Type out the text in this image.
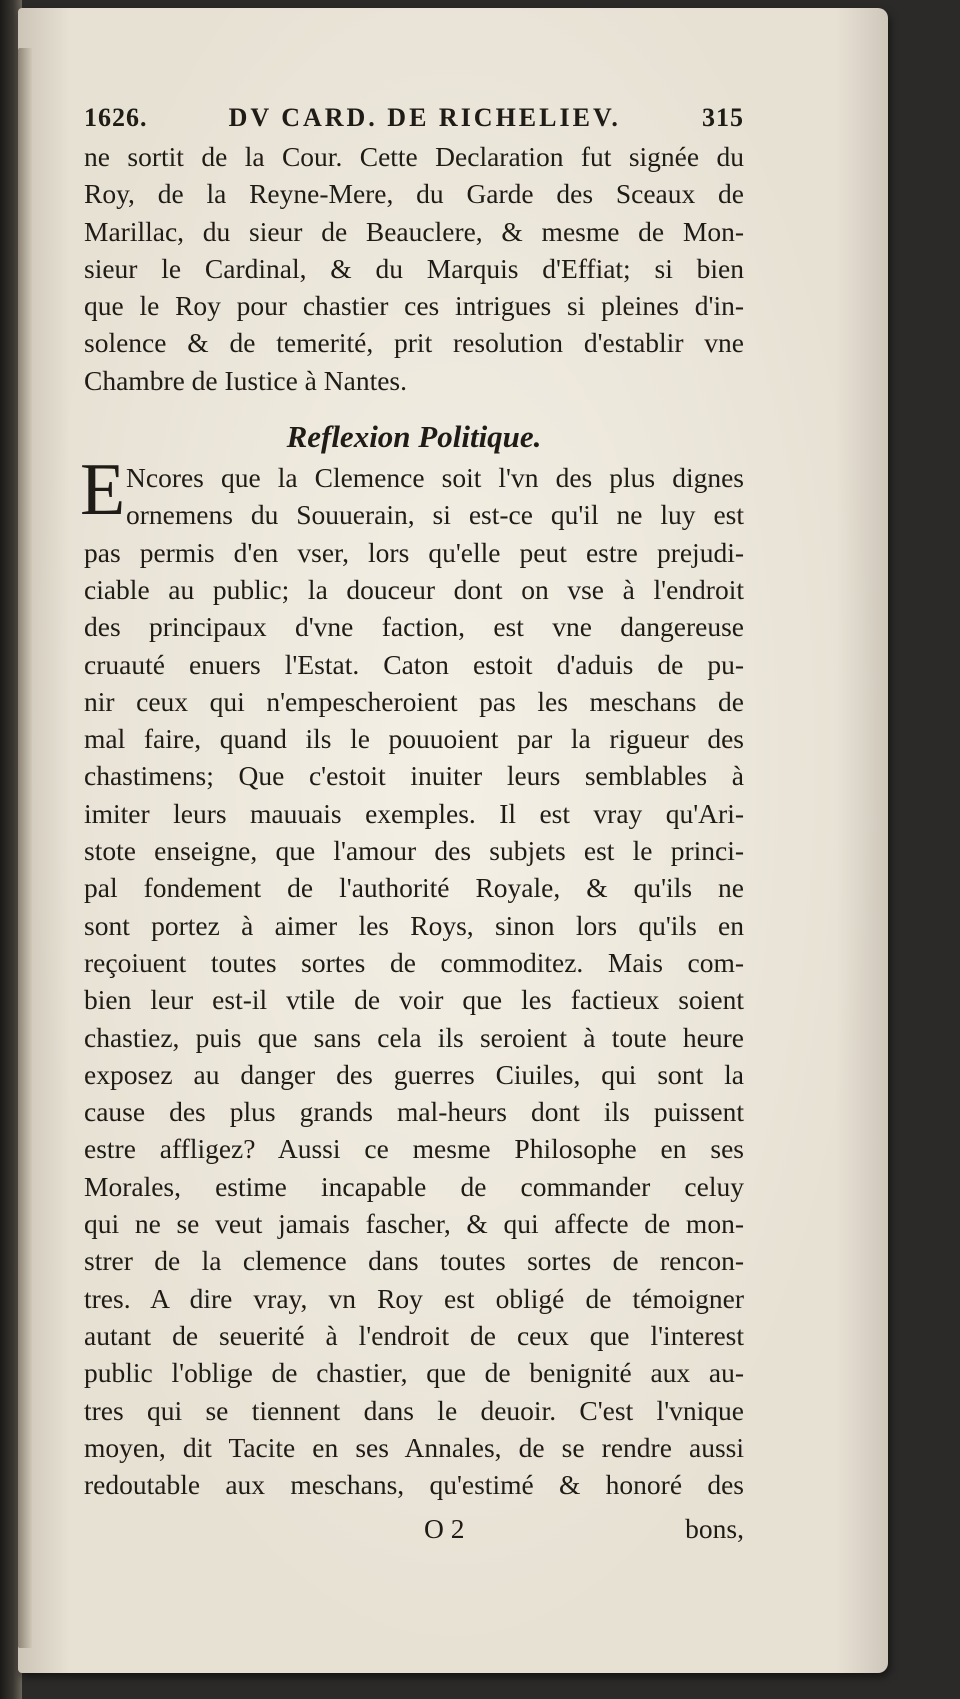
1626.	DV CARD. DE RICHELIEV.	315
ne sortit de la Cour. Cette Declaration fut signée du
Roy, de la Reyne-Mere, du Garde des Sceaux de
Marillac, du sieur de Beauclere, & mesme de Mon-
sieur le Cardinal, & du Marquis d'Effiat; si bien
que le Roy pour chastier ces intrigues si pleines d'in-
solence & de temerité, prit resolution d'establir vne
Chambre de Iustice à Nantes.
Reflexion Politique.
E Ncores que la Clemence soit l'vn des plus dignes
ornemens du Souuerain, si est-ce qu'il ne luy est
pas permis d'en vser, lors qu'elle peut estre prejudi-
ciable au public; la douceur dont on vse à l'endroit
des principaux d'vne faction, est vne dangereuse
cruauté enuers l'Estat. Caton estoit d'aduis de pu-
nir ceux qui n'empescheroient pas les meschans de
mal faire, quand ils le pouuoient par la rigueur des
chastimens; Que c'estoit inuiter leurs semblables à
imiter leurs mauuais exemples. Il est vray qu'Ari-
stote enseigne, que l'amour des subjets est le princi-
pal fondement de l'authorité Royale, & qu'ils ne
sont portez à aimer les Roys, sinon lors qu'ils en
reçoiuent toutes sortes de commoditez. Mais com-
bien leur est-il vtile de voir que les factieux soient
chastiez, puis que sans cela ils seroient à toute heure
exposez au danger des guerres Ciuiles, qui sont la
cause des plus grands mal-heurs dont ils puissent
estre affligez? Aussi ce mesme Philosophe en ses
Morales, estime incapable de commander celuy
qui ne se veut jamais fascher, & qui affecte de mon-
strer de la clemence dans toutes sortes de rencon-
tres. A dire vray, vn Roy est obligé de témoigner
autant de seuerité à l'endroit de ceux que l'interest
public l'oblige de chastier, que de benignité aux au-
tres qui se tiennent dans le deuoir. C'est l'vnique
moyen, dit Tacite en ses Annales, de se rendre aussi
redoutable aux meschans, qu'estimé & honoré des
O 2	bons,
